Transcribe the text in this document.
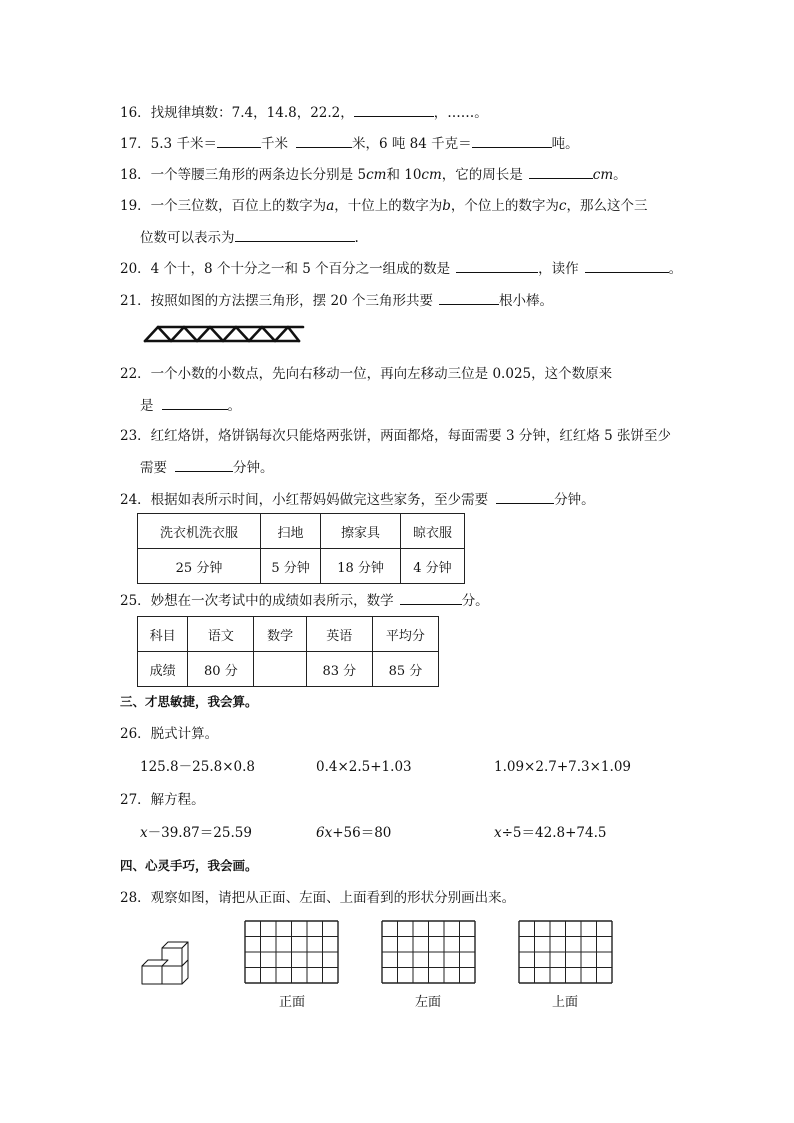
16．找规律填数：7.4，14.8，22.2，	，……。
17．5.3 千米＝	千米	米，6 吨 84 千克＝	吨。
18．一个等腰三角形的两条边长分别是 5cm和 10cm，它的周长是	cm。
19．一个三位数，百位上的数字为a，十位上的数字为b，个位上的数字为c，那么这个三
位数可以表示为	.
20．4 个十，8 个十分之一和 5 个百分之一组成的数是	，读作	。
21．按照如图的方法摆三角形，摆 20 个三角形共要	根小棒。
22．一个小数的小数点，先向右移动一位，再向左移动三位是 0.025，这个数原来
是	。
23．红红烙饼，烙饼锅每次只能烙两张饼，两面都烙，每面需要 3 分钟，红红烙 5 张饼至少
需要	分钟。
24．根据如表所示时间，小红帮妈妈做完这些家务，至少需要	分钟。
洗衣机洗衣服	扫地	擦家具	晾衣服
25 分钟	5 分钟	18 分钟	4 分钟
25．妙想在一次考试中的成绩如表所示，数学	分。
科目	语文	数学	英语	平均分
成绩	80 分		83 分	85 分
三、才思敏捷，我会算。
26．脱式计算。
125.8－25.8×0.8	0.4×2.5+1.03	1.09×2.7+7.3×1.09
27．解方程。
x－39.87＝25.59	6x+56＝80	x÷5＝42.8+74.5
四、心灵手巧，我会画。
28．观察如图，请把从正面、左面、上面看到的形状分别画出来。
正面	左面	上面
